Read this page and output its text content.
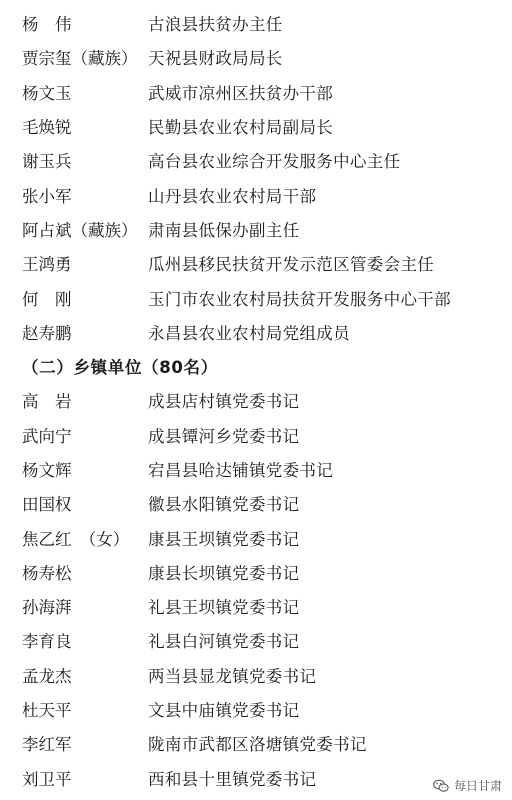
杨　伟	古浪县扶贫办主任
贾宗玺（藏族） 天祝县财政局局长
杨文玉	武威市凉州区扶贫办干部
毛焕锐	民勤县农业农村局副局长
谢玉兵	高台县农业综合开发服务中心主任
张小军	山丹县农业农村局干部
阿占斌（藏族） 肃南县低保办副主任
王鸿勇	瓜州县移民扶贫开发示范区管委会主任
何　刚	玉门市农业农村局扶贫开发服务中心干部
赵寿鹏	永昌县农业农村局党组成员
（二）乡镇单位（80名）
高　岩	成县店村镇党委书记
武向宁	成县镡河乡党委书记
杨文辉	宕昌县哈达铺镇党委书记
田国权	徽县水阳镇党委书记
焦乙红　（女）	康县王坝镇党委书记
杨寿松	康县长坝镇党委书记
孙海湃	礼县王坝镇党委书记
李育良	礼县白河镇党委书记
孟龙杰	两当县显龙镇党委书记
杜天平	文县中庙镇党委书记
李红军	陇南市武都区洛塘镇党委书记
刘卫平	西和县十里镇党委书记	每日甘肃
